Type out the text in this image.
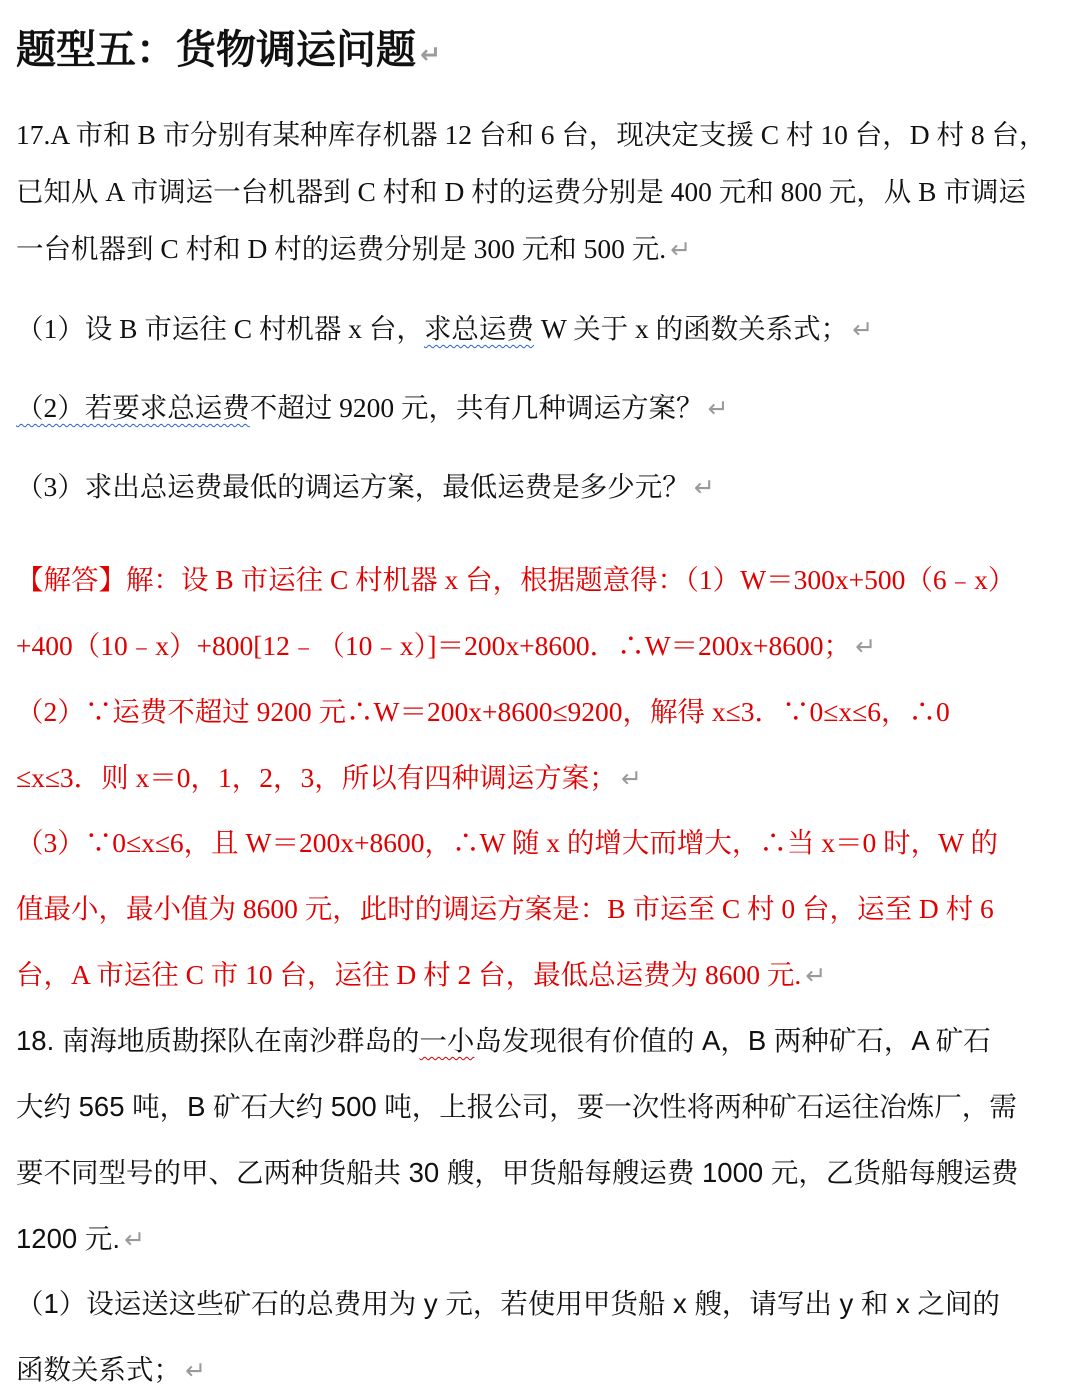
题型五：货物调运问题 ↵
17.A 市和 B 市分别有某种库存机器 12 台和 6 台，现决定支援 C 村 10 台，D 村 8 台，
已知从 A 市调运一台机器到 C 村和 D 村的运费分别是 400 元和 800 元，从 B 市调运
一台机器到 C 村和 D 村的运费分别是 300 元和 500 元. ↵
（1）设 B 市运往 C 村机器 x 台，求总运费 W 关于 x 的函数关系式； ↵
（2）若要求总运费不超过 9200 元，共有几种调运方案？ ↵
（3）求出总运费最低的调运方案，最低运费是多少元？ ↵
【解答】解：设 B 市运往 C 村机器 x 台，根据题意得：（1）W＝300x+500（6﹣x）
+400（10﹣x）+800[12﹣（10﹣x）]＝200x+8600．∴W＝200x+8600； ↵
（2）∵运费不超过 9200 元∴W＝200x+8600≤9200，解得 x≤3．∵0≤x≤6，∴0
≤x≤3．则 x＝0，1，2，3，所以有四种调运方案； ↵
（3）∵0≤x≤6，且 W＝200x+8600，∴W 随 x 的增大而增大，∴当 x＝0 时，W 的
值最小，最小值为 8600 元，此时的调运方案是：B 市运至 C 村 0 台，运至 D 村 6
台，A 市运往 C 市 10 台，运往 D 村 2 台，最低总运费为 8600 元. ↵
18. 南海地质勘探队在南沙群岛的一小岛发现很有价值的 A，B 两种矿石，A 矿石
大约 565 吨，B 矿石大约 500 吨，上报公司，要一次性将两种矿石运往冶炼厂，需
要不同型号的甲、乙两种货船共 30 艘，甲货船每艘运费 1000 元，乙货船每艘运费
1200 元. ↵
（1）设运送这些矿石的总费用为 y 元，若使用甲货船 x 艘，请写出 y 和 x 之间的
函数关系式； ↵
